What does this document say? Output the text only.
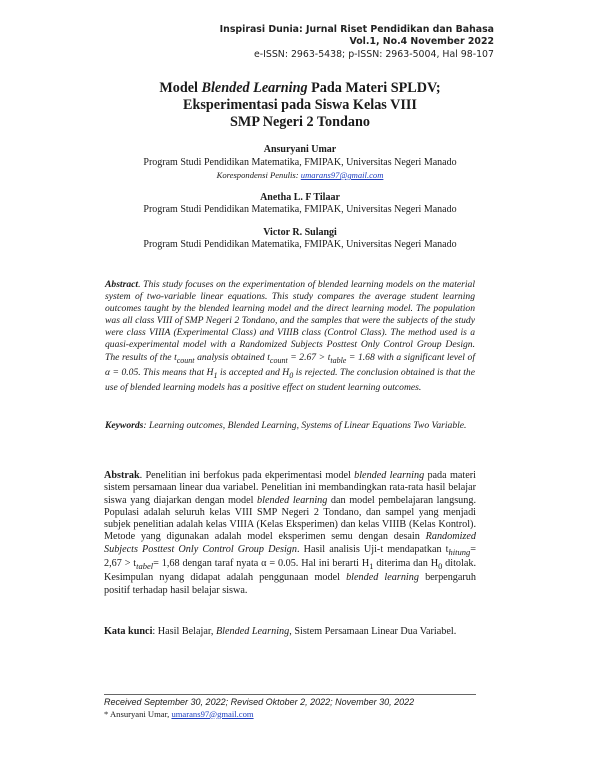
Inspirasi Dunia: Jurnal Riset Pendidikan dan Bahasa
Vol.1, No.4 November 2022
e-ISSN: 2963-5438; p-ISSN: 2963-5004, Hal 98-107
Model Blended Learning Pada Materi SPLDV;
Eksperimentasi pada Siswa Kelas VIII
SMP Negeri 2 Tondano
Ansuryani Umar
Program Studi Pendidikan Matematika, FMIPAK, Universitas Negeri Manado
Korespondensi Penulis: umarans97@gmail.com
Anetha L. F Tilaar
Program Studi Pendidikan Matematika, FMIPAK, Universitas Negeri Manado
Victor R. Sulangi
Program Studi Pendidikan Matematika, FMIPAK, Universitas Negeri Manado
Abstract. This study focuses on the experimentation of blended learning models on the material system of two-variable linear equations. This study compares the average student learning outcomes taught by the blended learning model and the direct learning model. The population was all class VIII of SMP Negeri 2 Tondano, and the samples that were the subjects of the study were class VIIIA (Experimental Class) and VIIIB class (Control Class). The method used is a quasi-experimental model with a Randomized Subjects Posttest Only Control Group Design. The results of the $t_{count}$ analysis obtained $t_{count} = 2.67 > t_{table} = 1.68$ with a significant level of α = 0.05. This means that $H_1$ is accepted and $H_0$ is rejected. The conclusion obtained is that the use of blended learning models has a positive effect on student learning outcomes.
Keywords: Learning outcomes, Blended Learning, Systems of Linear Equations Two Variable.
Abstrak. Penelitian ini berfokus pada ekperimentasi model blended learning pada materi sistem persamaan linear dua variabel. Penelitian ini membandingkan rata-rata hasil belajar siswa yang diajarkan dengan model blended learning dan model pembelajaran langsung. Populasi adalah seluruh kelas VIII SMP Negeri 2 Tondano, dan sampel yang menjadi subjek penelitian adalah kelas VIIIA (Kelas Eksperimen) dan kelas VIIIB (Kelas Kontrol). Metode yang digunakan adalah model eksperimen semu dengan desain Randomized Subjects Posttest Only Control Group Design. Hasil analisis Uji-t mendapatkan $t_{hitung}= 2,67 > t_{tabel}= 1,68$ dengan taraf nyata α = 0.05. Hal ini berarti $H_1$ diterima dan $H_0$ ditolak. Kesimpulan nyang didapat adalah penggunaan model blended learning berpengaruh positif terhadap hasil belajar siswa.
Kata kunci: Hasil Belajar, Blended Learning, Sistem Persamaan Linear Dua Variabel.
Received September 30, 2022; Revised Oktober 2, 2022; November 30, 2022
* Ansuryani Umar, umarans97@gmail.com
